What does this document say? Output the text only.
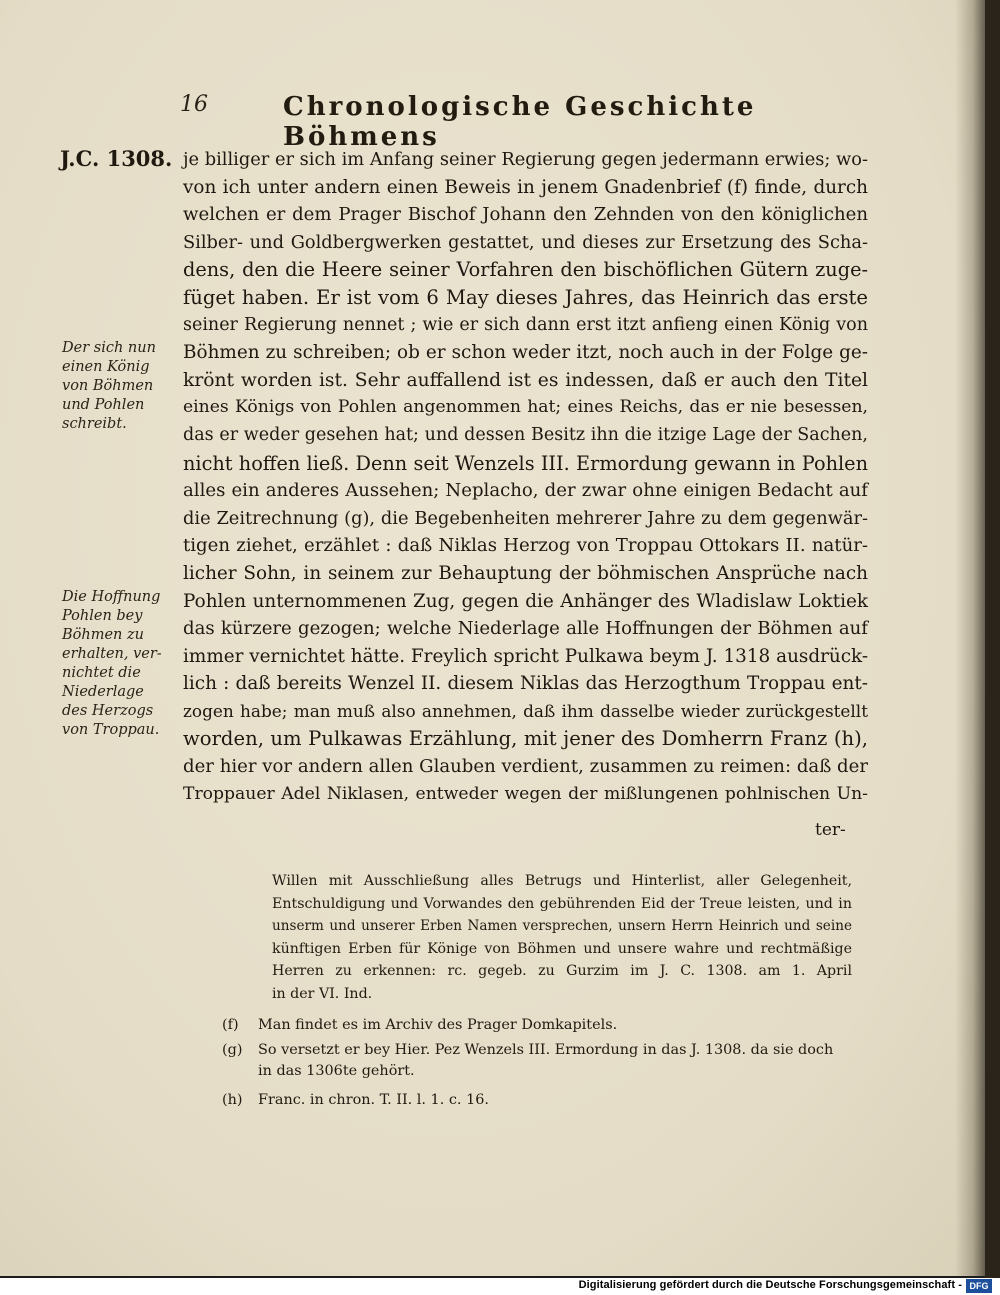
16	Chronologische Geschichte Böhmens
J.C. 1308.
Der sich nun
einen König
von Böhmen
und Pohlen
schreibt.
Die Hoffnung
Pohlen bey
Böhmen zu
erhalten, ver-
nichtet die
Niederlage
des Herzogs
von Troppau.
je billiger er sich im Anfang seiner Regierung gegen jedermann erwies; wo-
von ich unter andern einen Beweis in jenem Gnadenbrief (f) finde, durch
welchen er dem Prager Bischof Johann den Zehnden von den königlichen
Silber- und Goldbergwerken gestattet, und dieses zur Ersetzung des Scha-
dens, den die Heere seiner Vorfahren den bischöflichen Gütern zuge-
füget haben. Er ist vom 6 May dieses Jahres, das Heinrich das erste
seiner Regierung nennet ; wie er sich dann erst itzt anfieng einen König von
Böhmen zu schreiben; ob er schon weder itzt, noch auch in der Folge ge-
krönt worden ist. Sehr auffallend ist es indessen, daß er auch den Titel
eines Königs von Pohlen angenommen hat; eines Reichs, das er nie besessen,
das er weder gesehen hat; und dessen Besitz ihn die itzige Lage der Sachen,
nicht hoffen ließ. Denn seit Wenzels III. Ermordung gewann in Pohlen
alles ein anderes Aussehen; Neplacho, der zwar ohne einigen Bedacht auf
die Zeitrechnung (g), die Begebenheiten mehrerer Jahre zu dem gegenwär-
tigen ziehet, erzählet : daß Niklas Herzog von Troppau Ottokars II. natür-
licher Sohn, in seinem zur Behauptung der böhmischen Ansprüche nach
Pohlen unternommenen Zug, gegen die Anhänger des Wladislaw Loktiek
das kürzere gezogen; welche Niederlage alle Hoffnungen der Böhmen auf
immer vernichtet hätte. Freylich spricht Pulkawa beym J. 1318 ausdrück-
lich : daß bereits Wenzel II. diesem Niklas das Herzogthum Troppau ent-
zogen habe; man muß also annehmen, daß ihm dasselbe wieder zurückgestellt
worden, um Pulkawas Erzählung, mit jener des Domherrn Franz (h),
der hier vor andern allen Glauben verdient, zusammen zu reimen: daß der
Troppauer Adel Niklasen, entweder wegen der mißlungenen pohlnischen Un-
ter-
Willen mit Ausschließung alles Betrugs und Hinterlist, aller Gelegenheit,
Entschuldigung und Vorwandes den gebührenden Eid der Treue leisten, und in
unserm und unserer Erben Namen versprechen, unsern Herrn Heinrich und seine
künftigen Erben für Könige von Böhmen und unsere wahre und rechtmäßige
Herren zu erkennen: rc. gegeb. zu Gurzim im J. C. 1308. am 1. April
in der VI. Ind.
(f)	Man findet es im Archiv des Prager Domkapitels.
(g)	So versetzt er bey Hier. Pez Wenzels III. Ermordung in das J. 1308. da sie doch
in das 1306te gehört.
(h)	Franc. in chron. T. II. l. 1. c. 16.
Digitalisierung gefördert durch die Deutsche Forschungsgemeinschaft - DFG
